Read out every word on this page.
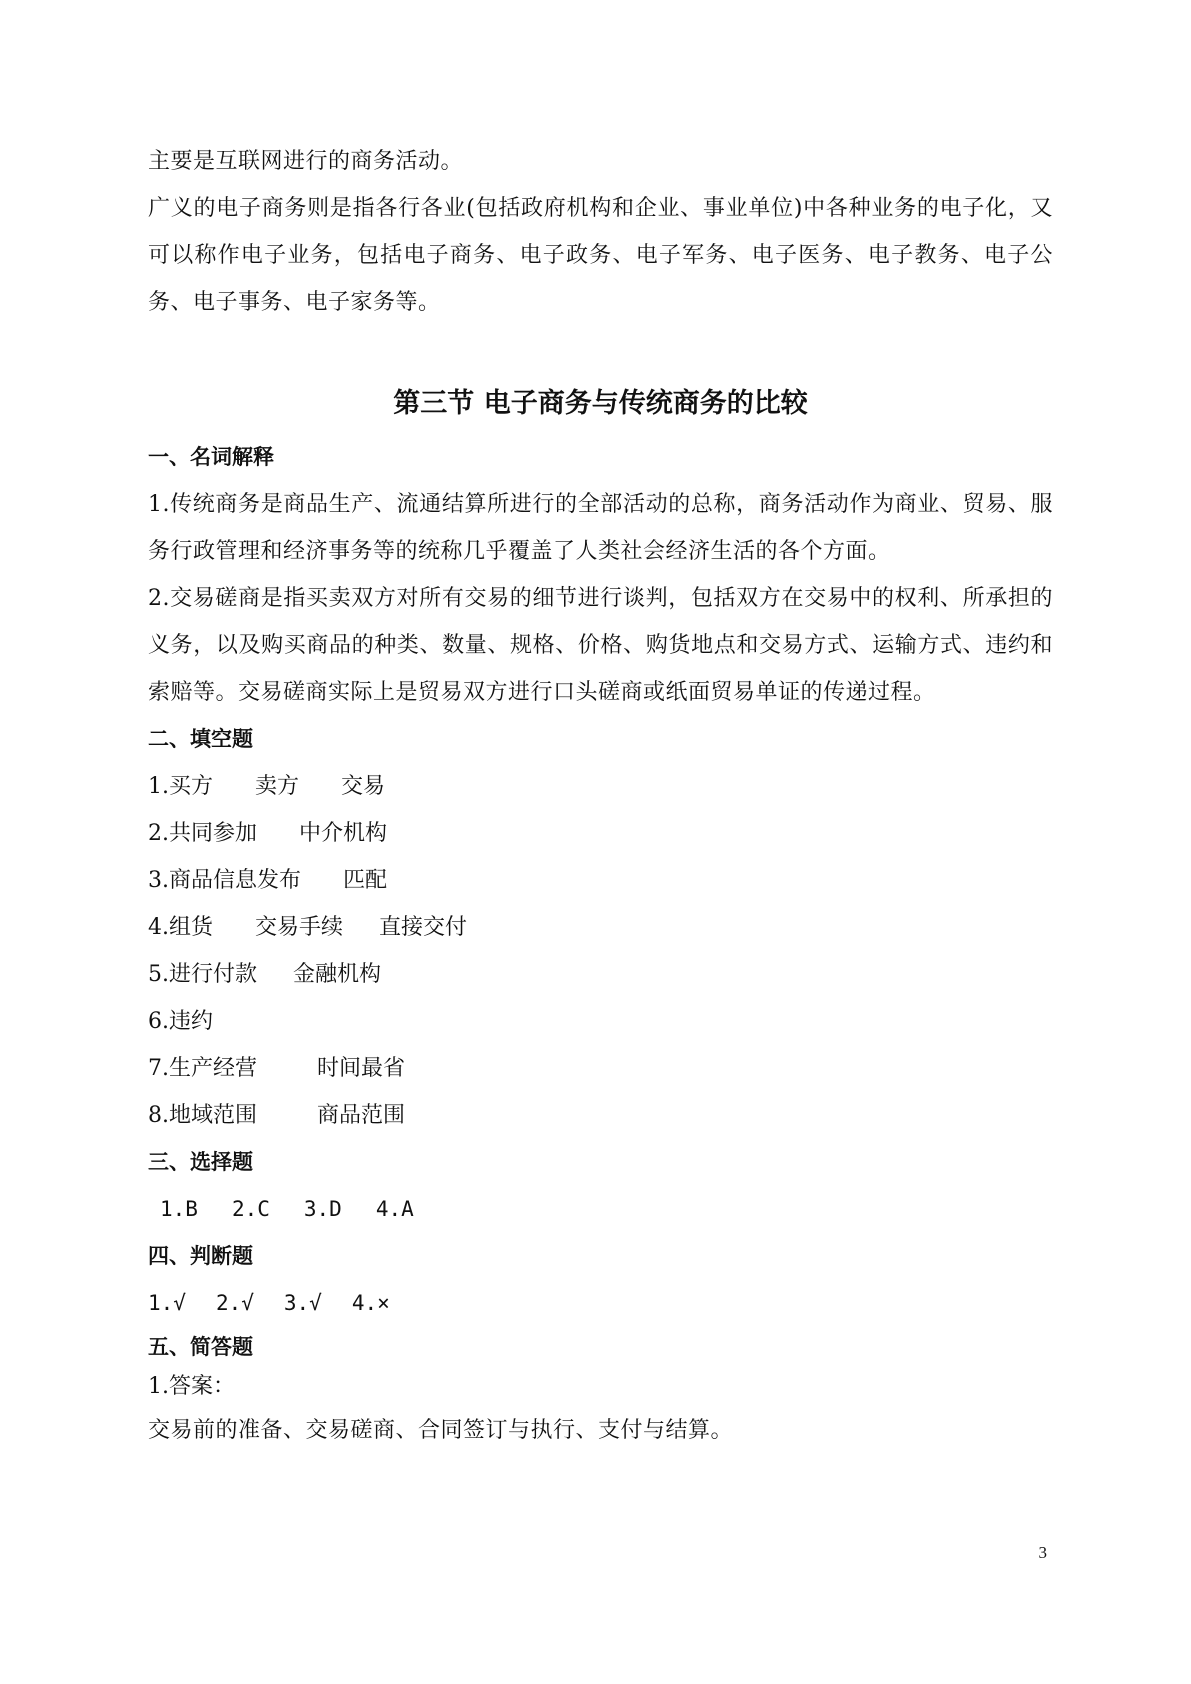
主要是互联网进行的商务活动。

广义的电子商务则是指各行各业(包括政府机构和企业、事业单位)中各种业务的电子化，又可以称作电子业务，包括电子商务、电子政务、电子军务、电子医务、电子教务、电子公务、电子事务、电子家务等。

第三节 电子商务与传统商务的比较
一、名词解释

1.传统商务是商品生产、流通结算所进行的全部活动的总称，商务活动作为商业、贸易、服务行政管理和经济事务等的统称几乎覆盖了人类社会经济生活的各个方面。

2.交易磋商是指买卖双方对所有交易的细节进行谈判，包括双方在交易中的权利、所承担的义务，以及购买商品的种类、数量、规格、价格、购货地点和交易方式、运输方式、违约和索赔等。交易磋商实际上是贸易双方进行口头磋商或纸面贸易单证的传递过程。

二、填空题

1.买方 卖方 交易

2.共同参加 中介机构

3.商品信息发布 匹配

4.组货 交易手续 直接交付

5.进行付款 金融机构

6.违约

7.生产经营	时间最省

8.地域范围	商品范围

三、选择题

1.B 2.C 3.D 4.A

四、判断题

1.√ 2.√ 3.√ 4.×

五、简答题

1.答案：

交易前的准备、交易磋商、合同签订与执行、支付与结算。

3
